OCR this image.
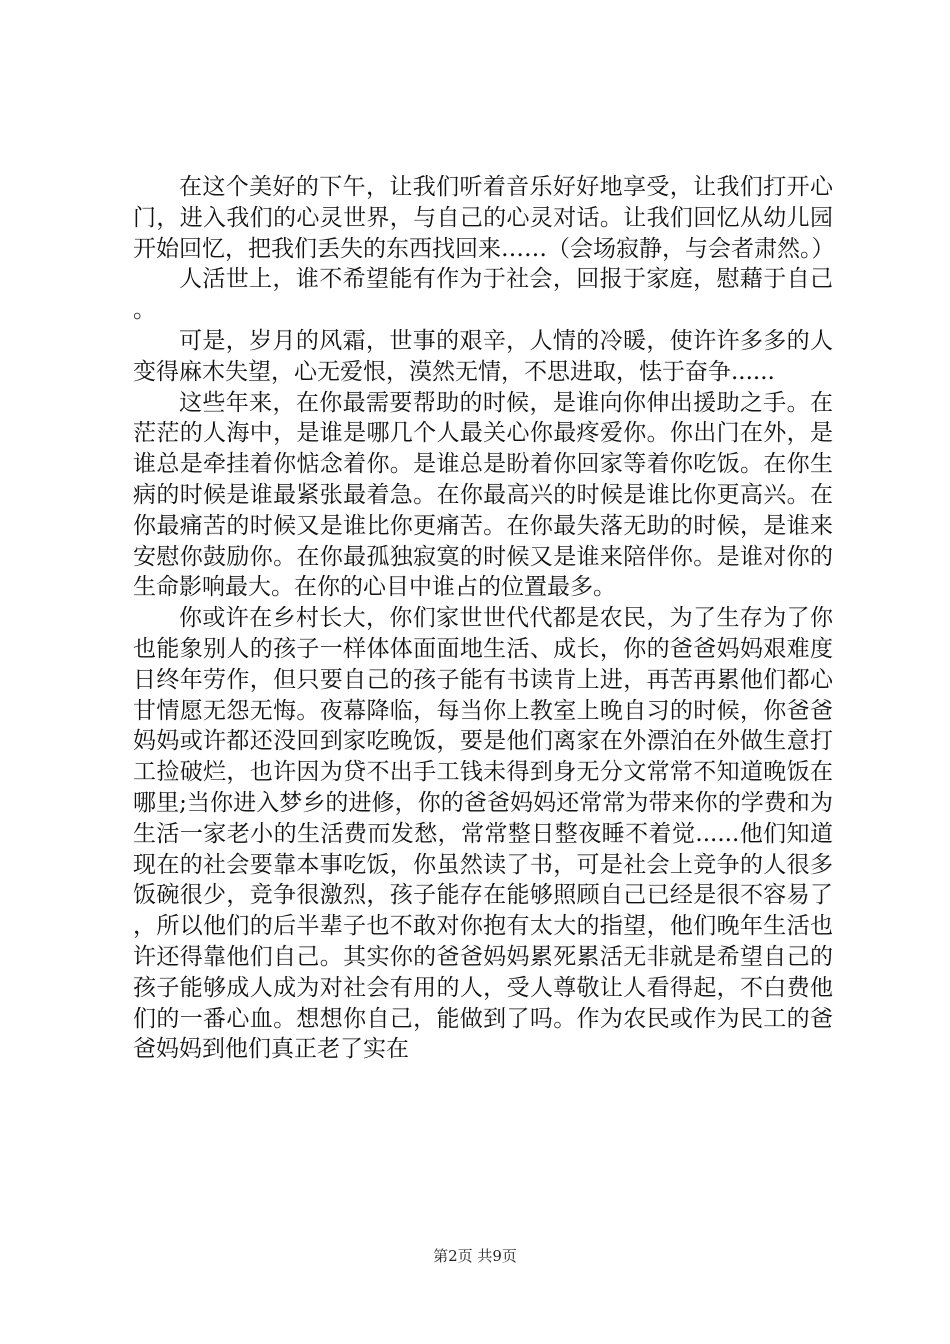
在这个美好的下午，让我们听着音乐好好地享受，让我们打开心门，进入我们的心灵世界，与自己的心灵对话。让我们回忆从幼儿园开始回忆，把我们丢失的东西找回来……（会场寂静，与会者肃然。）

人活世上，谁不希望能有作为于社会，回报于家庭，慰藉于自己。

可是，岁月的风霜，世事的艰辛，人情的冷暖，使许许多多的人变得麻木失望，心无爱恨，漠然无情，不思进取，怯于奋争......

这些年来，在你最需要帮助的时候，是谁向你伸出援助之手。在茫茫的人海中，是谁是哪几个人最关心你最疼爱你。你出门在外，是谁总是牵挂着你惦念着你。是谁总是盼着你回家等着你吃饭。在你生病的时候是谁最紧张最着急。在你最高兴的时候是谁比你更高兴。在你最痛苦的时候又是谁比你更痛苦。在你最失落无助的时候，是谁来安慰你鼓励你。在你最孤独寂寞的时候又是谁来陪伴你。是谁对你的生命影响最大。在你的心目中谁占的位置最多。

你或许在乡村长大，你们家世世代代都是农民，为了生存为了你也能象别人的孩子一样体体面面地生活、成长，你的爸爸妈妈艰难度日终年劳作，但只要自己的孩子能有书读肯上进，再苦再累他们都心甘情愿无怨无悔。夜幕降临，每当你上教室上晚自习的时候，你爸爸妈妈或许都还没回到家吃晚饭，要是他们离家在外漂泊在外做生意打工捡破烂，也许因为贷不出手工钱未得到身无分文常常不知道晚饭在哪里;当你进入梦乡的进修，你的爸爸妈妈还常常为带来你的学费和为生活一家老小的生活费而发愁，常常整日整夜睡不着觉......他们知道现在的社会要靠本事吃饭，你虽然读了书，可是社会上竞争的人很多饭碗很少，竞争很激烈，孩子能存在能够照顾自己已经是很不容易了，所以他们的后半辈子也不敢对你抱有太大的指望，他们晚年生活也许还得靠他们自己。其实你的爸爸妈妈累死累活无非就是希望自己的孩子能够成人成为对社会有用的人，受人尊敬让人看得起，不白费他们的一番心血。想想你自己，能做到了吗。作为农民或作为民工的爸爸妈妈到他们真正老了实在

第2页 共9页
